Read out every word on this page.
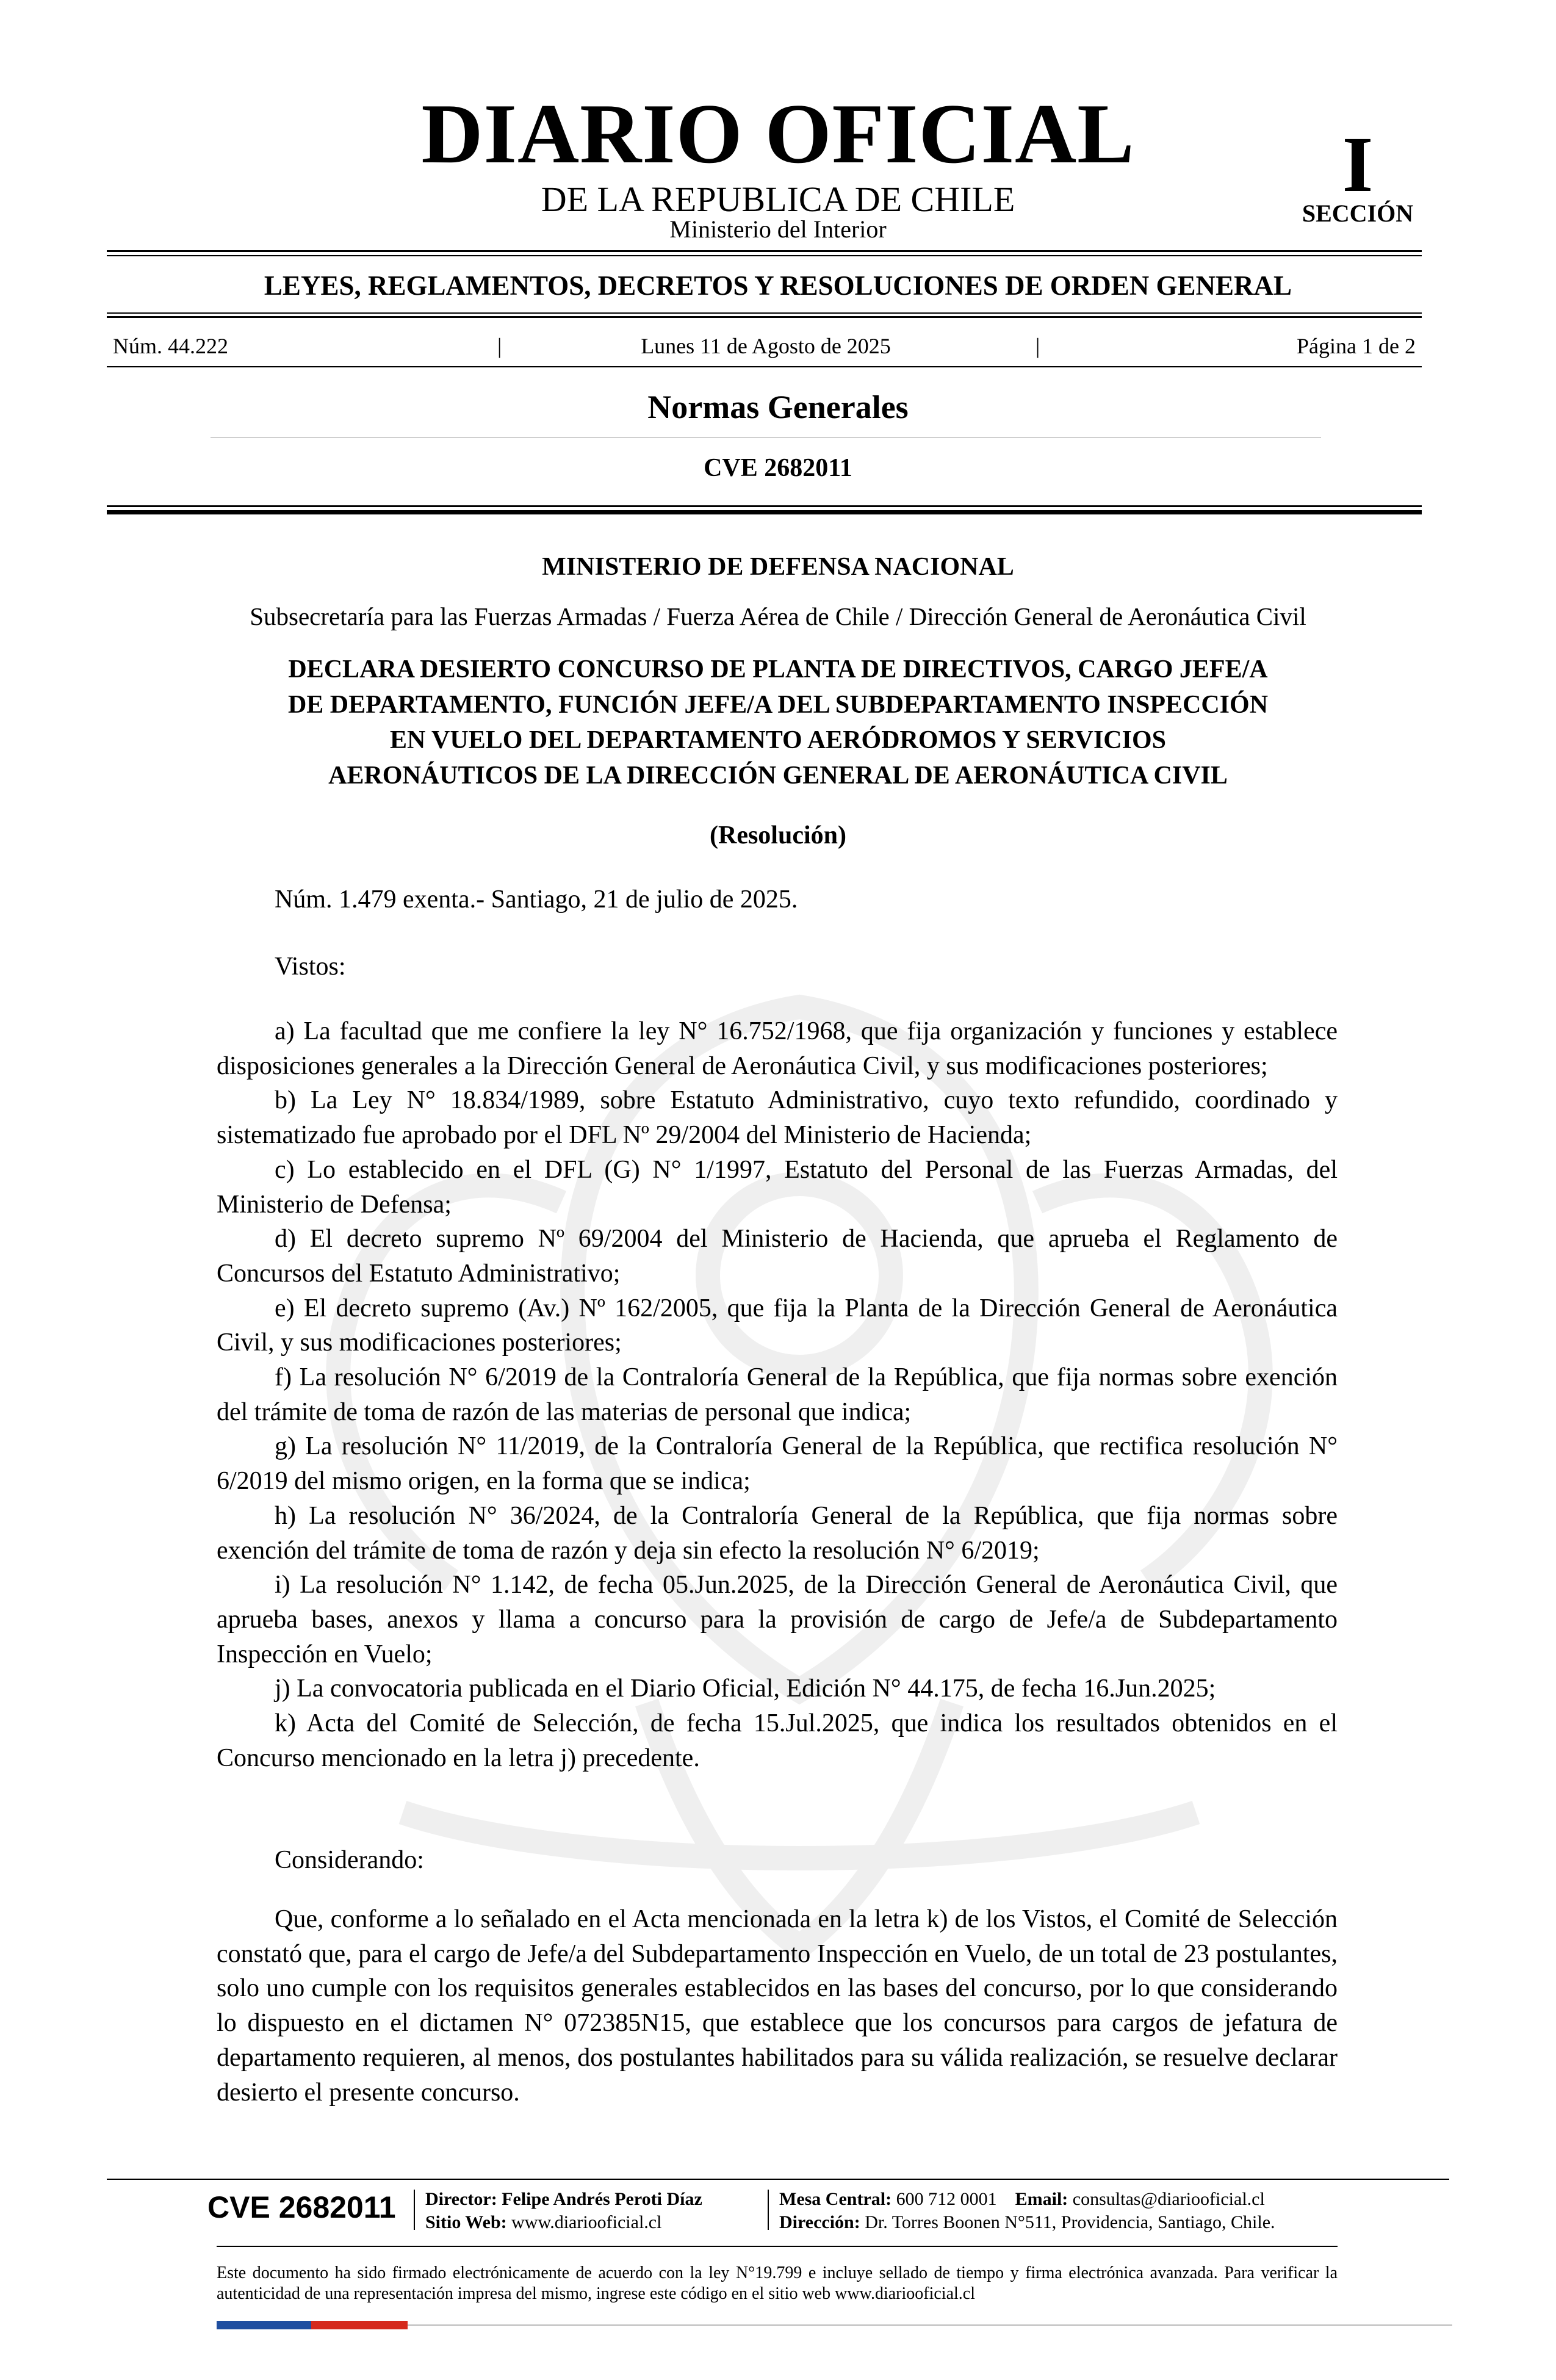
DIARIO OFICIAL
DE LA REPUBLICA DE CHILE
Ministerio del Interior
I
SECCIÓN
LEYES, REGLAMENTOS, DECRETOS Y RESOLUCIONES DE ORDEN GENERAL
Núm. 44.222	|	Lunes 11 de Agosto de 2025	|	Página 1 de 2
Normas Generales
CVE 2682011
MINISTERIO DE DEFENSA NACIONAL
Subsecretaría para las Fuerzas Armadas / Fuerza Aérea de Chile / Dirección General de Aeronáutica Civil
DECLARA DESIERTO CONCURSO DE PLANTA DE DIRECTIVOS, CARGO JEFE/A
DE DEPARTAMENTO, FUNCIÓN JEFE/A DEL SUBDEPARTAMENTO INSPECCIÓN
EN VUELO DEL DEPARTAMENTO AERÓDROMOS Y SERVICIOS
AERONÁUTICOS DE LA DIRECCIÓN GENERAL DE AERONÁUTICA CIVIL
(Resolución)
Núm. 1.479 exenta.- Santiago, 21 de julio de 2025.
Vistos:

a) La facultad que me confiere la ley N° 16.752/1968, que fija organización y funciones y establece disposiciones generales a la Dirección General de Aeronáutica Civil, y sus modificaciones posteriores;

b) La Ley N° 18.834/1989, sobre Estatuto Administrativo, cuyo texto refundido, coordinado y sistematizado fue aprobado por el DFL Nº 29/2004 del Ministerio de Hacienda;

c) Lo establecido en el DFL (G) N° 1/1997, Estatuto del Personal de las Fuerzas Armadas, del Ministerio de Defensa;

d) El decreto supremo Nº 69/2004 del Ministerio de Hacienda, que aprueba el Reglamento de Concursos del Estatuto Administrativo;

e) El decreto supremo (Av.) Nº 162/2005, que fija la Planta de la Dirección General de Aeronáutica Civil, y sus modificaciones posteriores;

f) La resolución N° 6/2019 de la Contraloría General de la República, que fija normas sobre exención del trámite de toma de razón de las materias de personal que indica;

g) La resolución N° 11/2019, de la Contraloría General de la República, que rectifica resolución N° 6/2019 del mismo origen, en la forma que se indica;

h) La resolución N° 36/2024, de la Contraloría General de la República, que fija normas sobre exención del trámite de toma de razón y deja sin efecto la resolución N° 6/2019;

i) La resolución N° 1.142, de fecha 05.Jun.2025, de la Dirección General de Aeronáutica Civil, que aprueba bases, anexos y llama a concurso para la provisión de cargo de Jefe/a de Subdepartamento Inspección en Vuelo;

j) La convocatoria publicada en el Diario Oficial, Edición N° 44.175, de fecha 16.Jun.2025;

k) Acta del Comité de Selección, de fecha 15.Jul.2025, que indica los resultados obtenidos en el Concurso mencionado en la letra j) precedente.

Considerando:

Que, conforme a lo señalado en el Acta mencionada en la letra k) de los Vistos, el Comité de Selección constató que, para el cargo de Jefe/a del Subdepartamento Inspección en Vuelo, de un total de 23 postulantes, solo uno cumple con los requisitos generales establecidos en las bases del concurso, por lo que considerando lo dispuesto en el dictamen N° 072385N15, que establece que los concursos para cargos de jefatura de departamento requieren, al menos, dos postulantes habilitados para su válida realización, se resuelve declarar desierto el presente concurso.

CVE 2682011 Director: Felipe Andrés Peroti Díaz
Sitio Web: www.diariooficial.cl
Mesa Central: 600 712 0001 Email: consultas@diariooficial.cl
Dirección: Dr. Torres Boonen N°511, Providencia, Santiago, Chile.
Este documento ha sido firmado electrónicamente de acuerdo con la ley N°19.799 e incluye sellado de tiempo y firma electrónica avanzada. Para verificar la autenticidad de una representación impresa del mismo, ingrese este código en el sitio web www.diariooficial.cl
